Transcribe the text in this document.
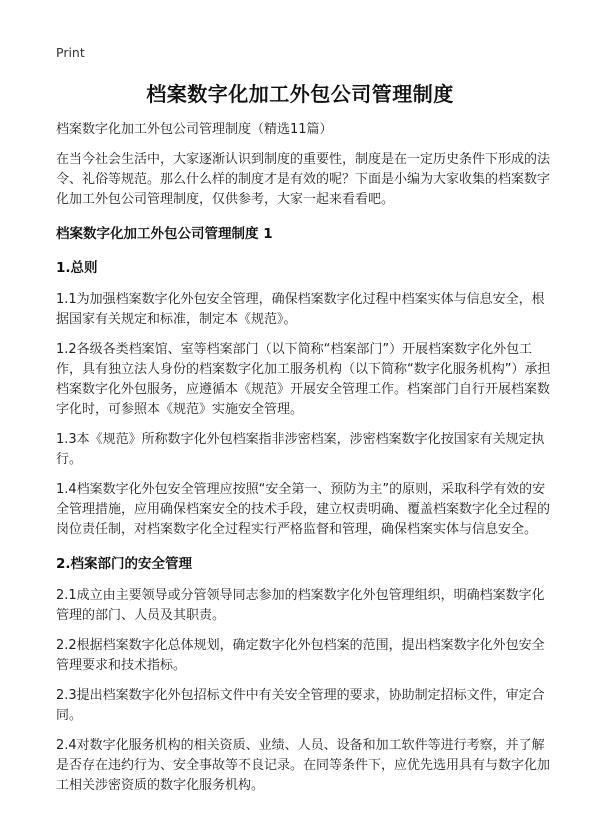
Print
档案数字化加工外包公司管理制度
档案数字化加工外包公司管理制度（精选11篇）

在当今社会生活中，大家逐渐认识到制度的重要性，制度是在一定历史条件下形成的法令、礼俗等规范。那么什么样的制度才是有效的呢？下面是小编为大家收集的档案数字化加工外包公司管理制度，仅供参考，大家一起来看看吧。

档案数字化加工外包公司管理制度 1
1.总则

1.1为加强档案数字化外包安全管理，确保档案数字化过程中档案实体与信息安全，根据国家有关规定和标准，制定本《规范》。

1.2各级各类档案馆、室等档案部门（以下简称“档案部门”）开展档案数字化外包工作，具有独立法人身份的档案数字化加工服务机构（以下简称“数字化服务机构”）承担档案数字化外包服务，应遵循本《规范》开展安全管理工作。档案部门自行开展档案数字化时，可参照本《规范》实施安全管理。

1.3本《规范》所称数字化外包档案指非涉密档案，涉密档案数字化按国家有关规定执行。

1.4档案数字化外包安全管理应按照“安全第一、预防为主”的原则，采取科学有效的安全管理措施，应用确保档案安全的技术手段，建立权责明确、覆盖档案数字化全过程的岗位责任制，对档案数字化全过程实行严格监督和管理，确保档案实体与信息安全。

2.档案部门的安全管理

2.1成立由主要领导或分管领导同志参加的档案数字化外包管理组织，明确档案数字化管理的部门、人员及其职责。

2.2根据档案数字化总体规划，确定数字化外包档案的范围，提出档案数字化外包安全管理要求和技术指标。

2.3提出档案数字化外包招标文件中有关安全管理的要求，协助制定招标文件，审定合同。

2.4对数字化服务机构的相关资质、业绩、人员、设备和加工软件等进行考察，并了解是否存在违约行为、安全事故等不良记录。在同等条件下，应优先选用具有与数字化加工相关涉密资质的数字化服务机构。
